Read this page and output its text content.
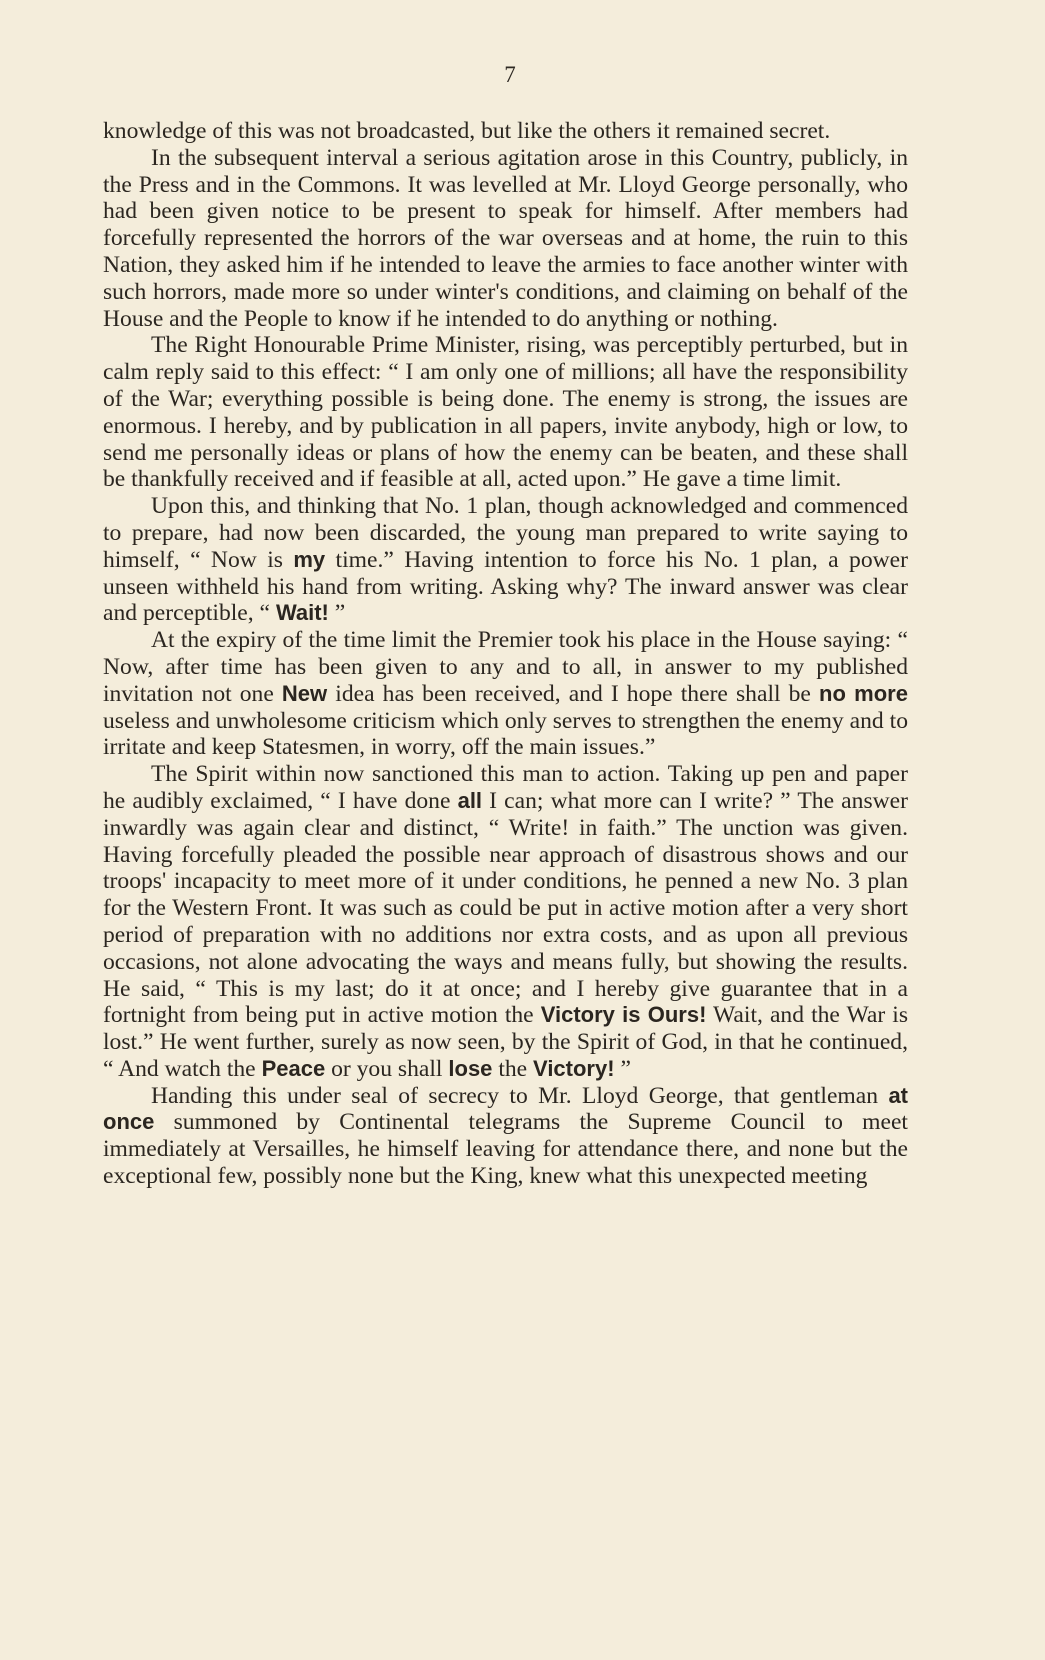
7

knowledge of this was not broadcasted, but like the others it remained secret.

In the subsequent interval a serious agitation arose in this Country, publicly, in the Press and in the Commons. It was levelled at Mr. Lloyd George personally, who had been given notice to be present to speak for himself. After members had forcefully represented the horrors of the war overseas and at home, the ruin to this Nation, they asked him if he intended to leave the armies to face another winter with such horrors, made more so under winter's conditions, and claiming on behalf of the House and the People to know if he intended to do anything or nothing.

The Right Honourable Prime Minister, rising, was perceptibly perturbed, but in calm reply said to this effect: “ I am only one of millions; all have the responsibility of the War; everything possible is being done. The enemy is strong, the issues are enormous. I hereby, and by publication in all papers, invite anybody, high or low, to send me personally ideas or plans of how the enemy can be beaten, and these shall be thankfully received and if feasible at all, acted upon.” He gave a time limit.

Upon this, and thinking that No. 1 plan, though acknowledged and commenced to prepare, had now been discarded, the young man prepared to write saying to himself, “ Now is my time.” Having intention to force his No. 1 plan, a power unseen withheld his hand from writing. Asking why? The inward answer was clear and perceptible, “ Wait! ”

At the expiry of the time limit the Premier took his place in the House saying: “ Now, after time has been given to any and to all, in answer to my published invitation not one New idea has been received, and I hope there shall be no more useless and unwholesome criticism which only serves to strengthen the enemy and to irritate and keep Statesmen, in worry, off the main issues.”

The Spirit within now sanctioned this man to action. Taking up pen and paper he audibly exclaimed, “ I have done all I can; what more can I write? ” The answer inwardly was again clear and distinct, “ Write! in faith.” The unction was given. Having forcefully pleaded the possible near approach of disastrous shows and our troops' incapacity to meet more of it under conditions, he penned a new No. 3 plan for the Western Front. It was such as could be put in active motion after a very short period of preparation with no additions nor extra costs, and as upon all previous occasions, not alone advocating the ways and means fully, but showing the results. He said, “ This is my last; do it at once; and I hereby give guarantee that in a fortnight from being put in active motion the Victory is Ours! Wait, and the War is lost.” He went further, surely as now seen, by the Spirit of God, in that he continued, “ And watch the Peace or you shall lose the Victory! ”

Handing this under seal of secrecy to Mr. Lloyd George, that gentleman at once summoned by Continental telegrams the Supreme Council to meet immediately at Versailles, he himself leaving for attendance there, and none but the exceptional few, possibly none but the King, knew what this unexpected meeting
